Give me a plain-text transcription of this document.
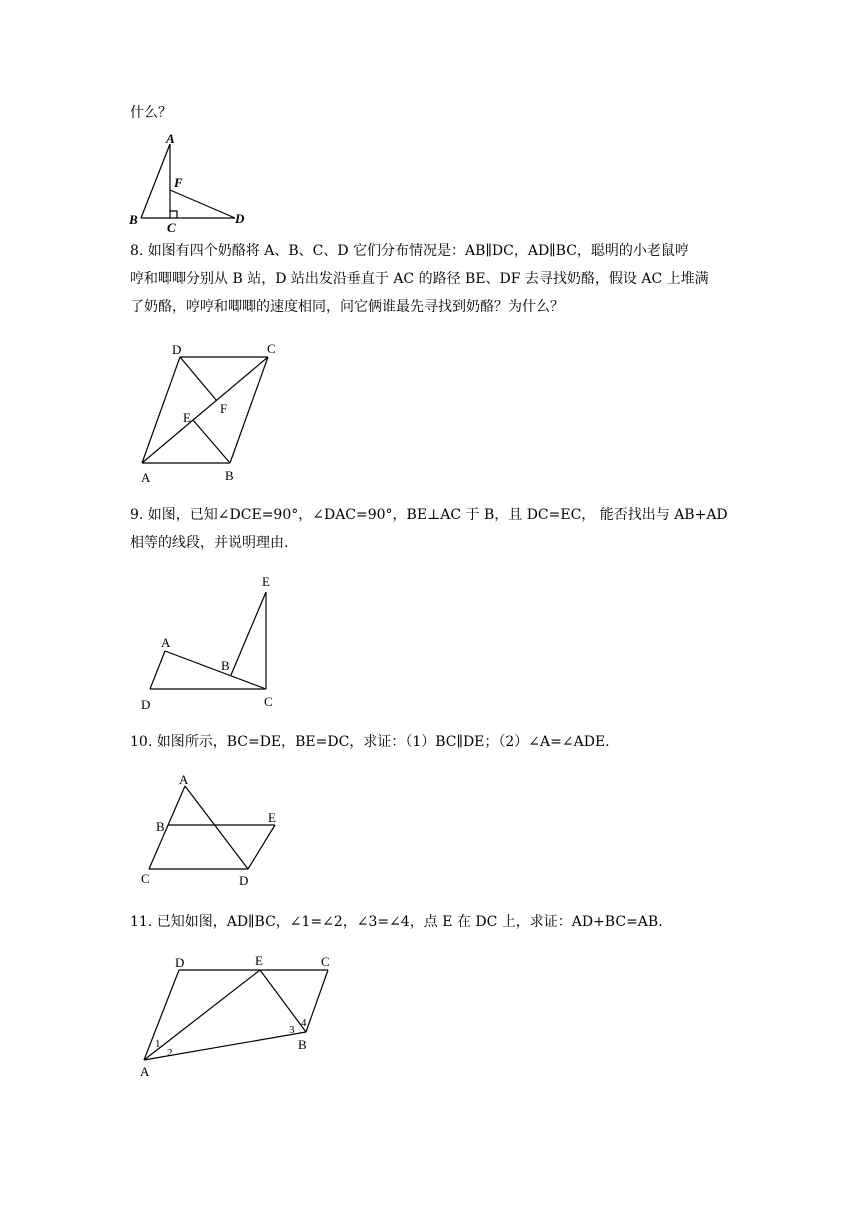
什么？
A
B
C
D
F
8. 如图有四个奶酪将 A、B、C、D 它们分布情况是：AB∥DC，AD∥BC，聪明的小老鼠哼
哼和唧唧分别从 B 站，D 站出发沿垂直于 AC 的路径 BE、DF 去寻找奶酪，假设 AC 上堆满
了奶酪，哼哼和唧唧的速度相同，问它俩谁最先寻找到奶酪？为什么？
D	C
A	B
E
F
9. 如图，已知∠DCE=90°，∠DAC=90°，BE⊥AC 于 B，且 DC=EC， 能否找出与 AB+AD
相等的线段，并说明理由.
E
A
B
C
D
10. 如图所示，BC=DE，BE=DC，求证：（1）BC∥DE；（2）∠A=∠ADE.
A
B
E
C	D
11. 已知如图，AD∥BC，∠1=∠2，∠3=∠4，点 E 在 DC 上，求证：AD+BC=AB.
D	E	C
A
B
1
2
3
4
